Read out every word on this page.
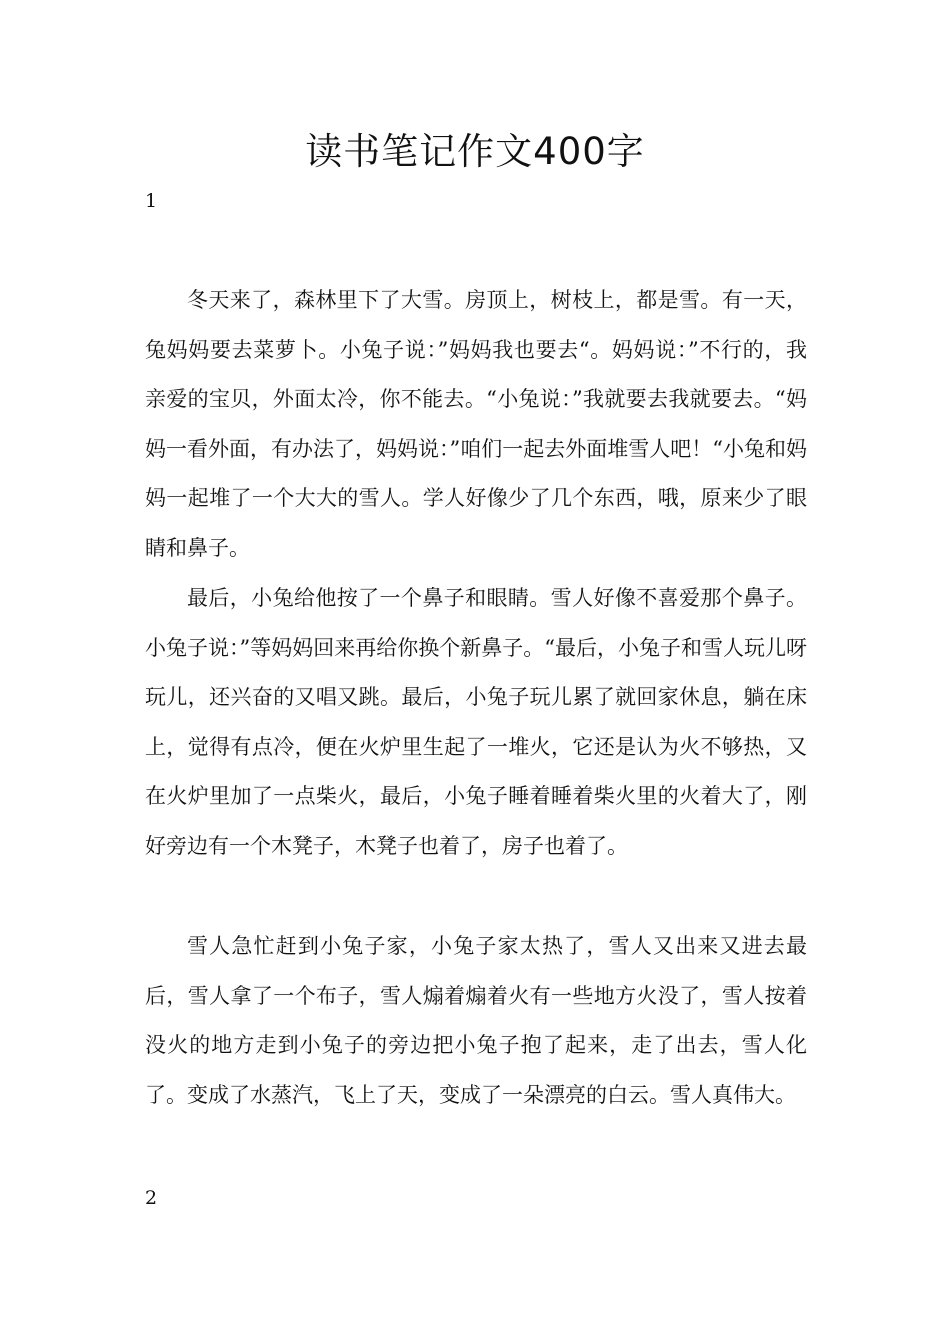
读书笔记作文400字
1

冬天来了，森林里下了大雪。房顶上，树枝上，都是雪。有一天，兔妈妈要去菜萝卜。小兔子说：”妈妈我也要去“。妈妈说：”不行的，我亲爱的宝贝，外面太冷，你不能去。“小兔说：”我就要去我就要去。“妈妈一看外面，有办法了，妈妈说：”咱们一起去外面堆雪人吧！“小兔和妈妈一起堆了一个大大的雪人。学人好像少了几个东西，哦，原来少了眼睛和鼻子。

最后，小兔给他按了一个鼻子和眼睛。雪人好像不喜爱那个鼻子。小兔子说：”等妈妈回来再给你换个新鼻子。“最后，小兔子和雪人玩儿呀玩儿，还兴奋的又唱又跳。最后，小兔子玩儿累了就回家休息，躺在床上，觉得有点冷，便在火炉里生起了一堆火，它还是认为火不够热，又在火炉里加了一点柴火，最后，小兔子睡着睡着柴火里的火着大了，刚好旁边有一个木凳子，木凳子也着了，房子也着了。

雪人急忙赶到小兔子家，小兔子家太热了，雪人又出来又进去最后，雪人拿了一个布子，雪人煽着煽着火有一些地方火没了，雪人按着没火的地方走到小兔子的旁边把小兔子抱了起来，走了出去，雪人化了。变成了水蒸汽，飞上了天，变成了一朵漂亮的白云。雪人真伟大。

2
